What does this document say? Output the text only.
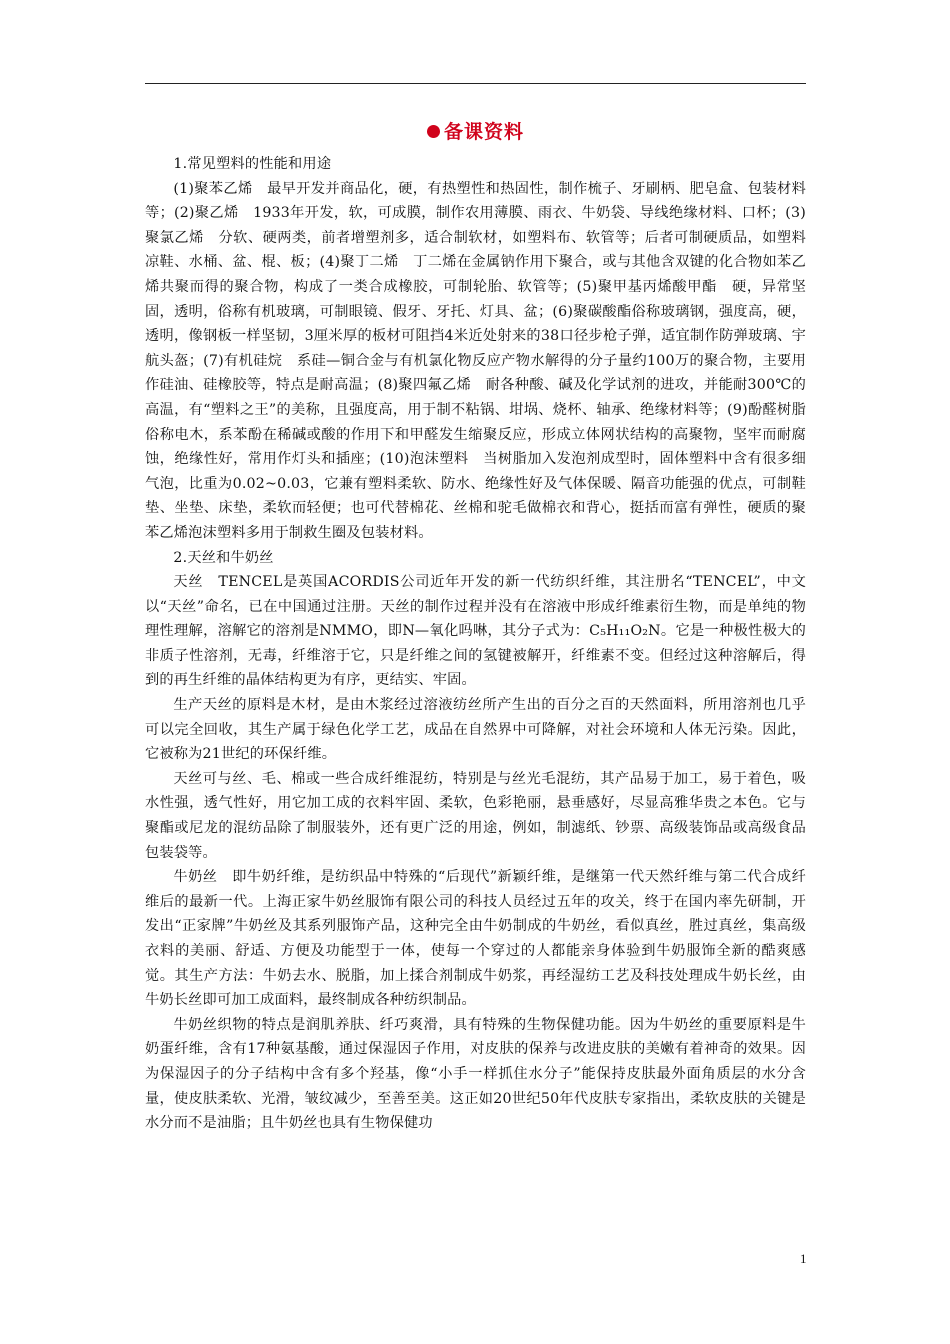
备课资料

1.常见塑料的性能和用途

(1)聚苯乙烯　最早开发并商品化，硬，有热塑性和热固性，制作梳子、牙刷柄、肥皂盒、包装材料等；(2)聚乙烯　1933年开发，软，可成膜，制作农用薄膜、雨衣、牛奶袋、导线绝缘材料、口杯；(3)聚氯乙烯　分软、硬两类，前者增塑剂多，适合制软材，如塑料布、软管等；后者可制硬质品，如塑料凉鞋、水桶、盆、棍、板；(4)聚丁二烯　丁二烯在金属钠作用下聚合，或与其他含双键的化合物如苯乙烯共聚而得的聚合物，构成了一类合成橡胶，可制轮胎、软管等；(5)聚甲基丙烯酸甲酯　硬，异常坚固，透明，俗称有机玻璃，可制眼镜、假牙、牙托、灯具、盆；(6)聚碳酸酯俗称玻璃钢，强度高，硬，透明，像钢板一样坚韧，3厘米厚的板材可阻挡4米近处射来的38口径步枪子弹，适宜制作防弹玻璃、宇航头盔；(7)有机硅烷　系硅—铜合金与有机氯化物反应产物水解得的分子量约100万的聚合物，主要用作硅油、硅橡胶等，特点是耐高温；(8)聚四氟乙烯　耐各种酸、碱及化学试剂的进攻，并能耐300℃的高温，有“塑料之王”的美称，且强度高，用于制不粘锅、坩埚、烧杯、轴承、绝缘材料等；(9)酚醛树脂俗称电木，系苯酚在稀碱或酸的作用下和甲醛发生缩聚反应，形成立体网状结构的高聚物，坚牢而耐腐蚀，绝缘性好，常用作灯头和插座；(10)泡沫塑料　当树脂加入发泡剂成型时，固体塑料中含有很多细气泡，比重为0.02~0.03，它兼有塑料柔软、防水、绝缘性好及气体保暖、隔音功能强的优点，可制鞋垫、坐垫、床垫，柔软而轻便；也可代替棉花、丝棉和驼毛做棉衣和背心，挺括而富有弹性，硬质的聚苯乙烯泡沫塑料多用于制救生圈及包装材料。

2.天丝和牛奶丝

天丝　TENCEL是英国ACORDIS公司近年开发的新一代纺织纤维，其注册名“TENCEL”，中文以“天丝”命名，已在中国通过注册。天丝的制作过程并没有在溶液中形成纤维素衍生物，而是单纯的物理性理解，溶解它的溶剂是NMMO，即N—氧化吗啉，其分子式为：C₅H₁₁O₂N。它是一种极性极大的非质子性溶剂，无毒，纤维溶于它，只是纤维之间的氢键被解开，纤维素不变。但经过这种溶解后，得到的再生纤维的晶体结构更为有序，更结实、牢固。

生产天丝的原料是木材，是由木浆经过溶液纺丝所产生出的百分之百的天然面料，所用溶剂也几乎可以完全回收，其生产属于绿色化学工艺，成品在自然界中可降解，对社会环境和人体无污染。因此，它被称为21世纪的环保纤维。

天丝可与丝、毛、棉或一些合成纤维混纺，特别是与丝光毛混纺，其产品易于加工，易于着色，吸水性强，透气性好，用它加工成的衣料牢固、柔软，色彩艳丽，悬垂感好，尽显高雅华贵之本色。它与聚酯或尼龙的混纺品除了制服装外，还有更广泛的用途，例如，制滤纸、钞票、高级装饰品或高级食品包装袋等。

牛奶丝　即牛奶纤维，是纺织品中特殊的“后现代”新颖纤维，是继第一代天然纤维与第二代合成纤维后的最新一代。上海正家牛奶丝服饰有限公司的科技人员经过五年的攻关，终于在国内率先研制，开发出“正家牌”牛奶丝及其系列服饰产品，这种完全由牛奶制成的牛奶丝，看似真丝，胜过真丝，集高级衣料的美丽、舒适、方便及功能型于一体，使每一个穿过的人都能亲身体验到牛奶服饰全新的酷爽感觉。其生产方法：牛奶去水、脱脂，加上揉合剂制成牛奶浆，再经湿纺工艺及科技处理成牛奶长丝，由牛奶长丝即可加工成面料，最终制成各种纺织制品。

牛奶丝织物的特点是润肌养肤、纤巧爽滑，具有特殊的生物保健功能。因为牛奶丝的重要原料是牛奶蛋纤维，含有17种氨基酸，通过保湿因子作用，对皮肤的保养与改进皮肤的美嫩有着神奇的效果。因为保湿因子的分子结构中含有多个羟基，像“小手一样抓住水分子”能保持皮肤最外面角质层的水分含量，使皮肤柔软、光滑，皱纹减少，至善至美。这正如20世纪50年代皮肤专家指出，柔软皮肤的关键是水分而不是油脂；且牛奶丝也具有生物保健功

1
